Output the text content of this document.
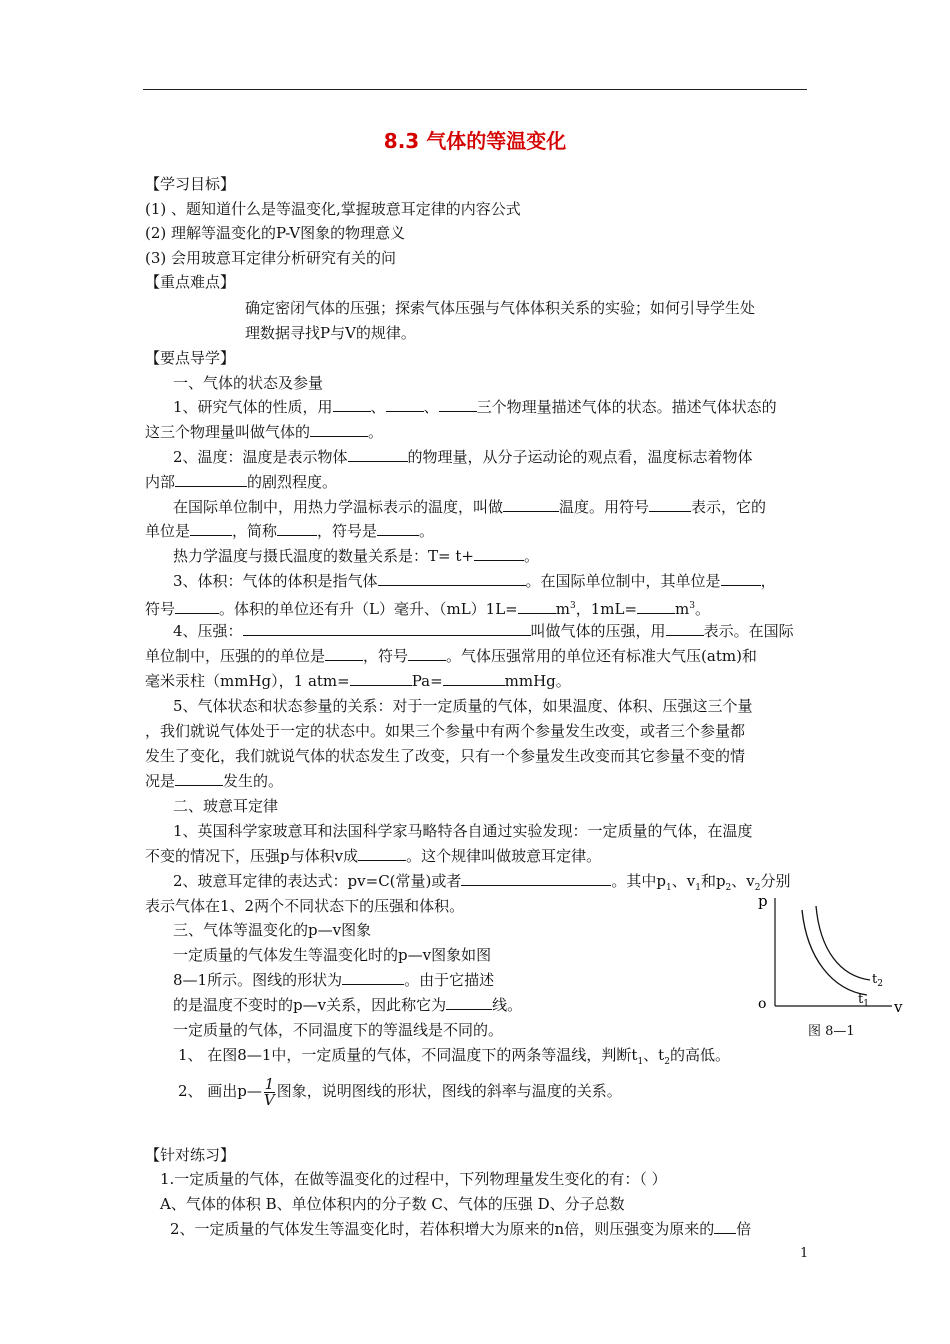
8.3 气体的等温变化
【学习目标】
(1) 、题知道什么是等温变化,掌握玻意耳定律的内容公式
(2) 理解等温变化的P-V图象的物理意义
(3) 会用玻意耳定律分析研究有关的问
【重点难点】
确定密闭气体的压强；探索气体压强与气体体积关系的实验；如何引导学生处
理数据寻找P与V的规律。
【要点导学】
一、气体的状态及参量
1、研究气体的性质，用	、	、	三个物理量描述气体的状态。描述气体状态的
这三个物理量叫做气体的	。
2、温度：温度是表示物体	的物理量，从分子运动论的观点看，温度标志着物体
内部	的剧烈程度。
在国际单位制中，用热力学温标表示的温度，叫做	温度。用符号	表示，它的
单位是	，简称	，符号是	。
热力学温度与摄氏温度的数量关系是：T= t+	。
3、体积：气体的体积是指气体	。在国际单位制中，其单位是	，
符号	。体积的单位还有升（L）毫升、（mL）1L=	$m^3$，1mL=	$m^3$。
4、压强：	叫做气体的压强，用	表示。在国际
单位制中，压强的的单位是	，符号	。气体压强常用的单位还有标准大气压(atm)和
毫米汞柱（mmHg），1 atm=	Pa=	mmHg。
5、气体状态和状态参量的关系：对于一定质量的气体，如果温度、体积、压强这三个量
，我们就说气体处于一定的状态中。如果三个参量中有两个参量发生改变，或者三个参量都
发生了变化，我们就说气体的状态发生了改变，只有一个参量发生改变而其它参量不变的情
况是	发生的。
二、玻意耳定律
1、英国科学家玻意耳和法国科学家马略特各自通过实验发现：一定质量的气体，在温度
不变的情况下，压强p与体积v成	。这个规律叫做玻意耳定律。
2、玻意耳定律的表达式：pv=C(常量)或者	。其中$p_1$、$v_1$和$p_2$、$v_2$分别
表示气体在1、2两个不同状态下的压强和体积。
三、气体等温变化的p—v图象
一定质量的气体发生等温变化时的p—v图象如图
8—1所示。图线的形状为	。由于它描述
的是温度不变时的p—v关系，因此称它为	线。
一定质量的气体，不同温度下的等温线是不同的。
1、 在图8—1中，一定质量的气体，不同温度下的两条等温线，判断$t_1$、$t_2$的高低。
2、 画出p— $\frac{1}{V}$ 图象，说明图线的形状，图线的斜率与温度的关系。
【针对练习】
1.一定质量的气体，在做等温变化的过程中，下列物理量发生变化的有：（ ）
A、气体的体积 B、单位体积内的分子数 C、气体的压强 D、分子总数
2、一定质量的气体发生等温变化时，若体积增大为原来的n倍，则压强变为原来的 倍
p
o	v
$t_2$
$t_1$
图 8—1
1
